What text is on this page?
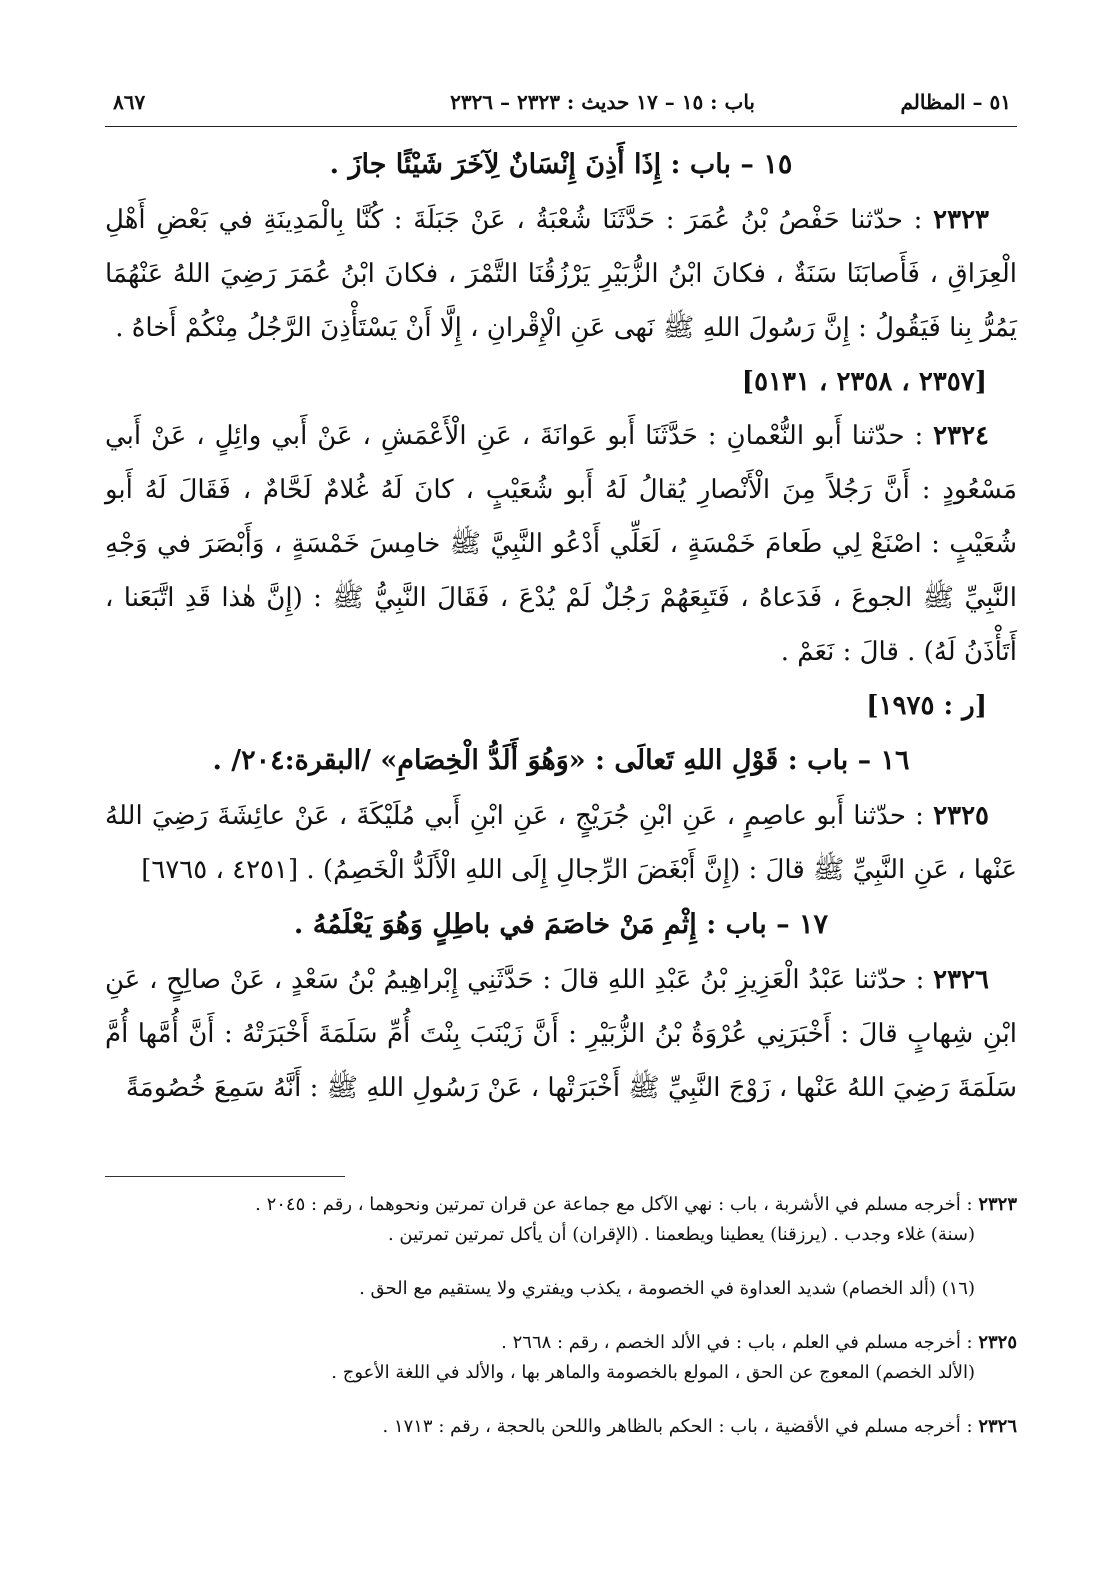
٥١ – المظالم
باب : ١٥ – ١٧ حديث : ٢٣٢٣ – ٢٣٢٦
٨٦٧
١٥ – باب : إِذَا أَذِنَ إِنْسَانٌ لِآخَرَ شَيْئًا جازَ .

٢٣٢٣ : حدّثنا حَفْصُ بْنُ عُمَرَ : حَدَّثَنَا شُعْبَةُ ، عَنْ جَبَلَةَ : كُنَّا بِالْمَدِينَةِ في بَعْضِ أَهْلِ الْعِرَاقِ ، فَأَصابَنَا سَنَةٌ ، فكانَ ابْنُ الزُّبَيْرِ يَرْزُقُنَا التَّمْرَ ، فكانَ ابْنُ عُمَرَ رَضِيَ اللهُ عَنْهُمَا يَمُرُّ بِنا فَيَقُولُ : إِنَّ رَسُولَ اللهِ ﷺ نَهى عَنِ الْإِقْرانِ ، إِلَّا أَنْ يَسْتَأْذِنَ الرَّجُلُ مِنْكُمْ أَخاهُ .

[٢٣٥٧ ، ٢٣٥٨ ، ٥١٣١]

٢٣٢٤ : حدّثنا أَبو النُّعْمانِ : حَدَّثَنَا أَبو عَوانَةَ ، عَنِ الْأَعْمَشِ ، عَنْ أَبي وائِلٍ ، عَنْ أَبي مَسْعُودٍ : أَنَّ رَجُلاً مِنَ الْأَنْصارِ يُقالُ لَهُ أَبو شُعَيْبٍ ، كانَ لَهُ غُلامٌ لَحَّامٌ ، فَقَالَ لَهُ أَبو شُعَيْبٍ : اصْنَعْ لِي طَعامَ خَمْسَةٍ ، لَعَلِّي أَدْعُو النَّبِيَّ ﷺ خامِسَ خَمْسَةٍ ، وَأَبْصَرَ في وَجْهِ النَّبِيِّ ﷺ الجوعَ ، فَدَعاهُ ، فَتَبِعَهُمْ رَجُلٌ لَمْ يُدْعَ ، فَقَالَ النَّبِيُّ ﷺ : (إِنَّ هٰذا قَدِ اتَّبَعَنا ، أَتَأْذَنُ لَهُ) . قالَ : نَعَمْ .

[ر : ١٩٧٥]
١٦ – باب : قَوْلِ اللهِ تَعالَى : «وَهُوَ أَلَدُّ الْخِصَامِ» /البقرة:٢٠٤/ .

٢٣٢٥ : حدّثنا أَبو عاصِمٍ ، عَنِ ابْنِ جُرَيْجٍ ، عَنِ ابْنِ أَبي مُلَيْكَةَ ، عَنْ عائِشَةَ رَضِيَ اللهُ عَنْها ، عَنِ النَّبِيِّ ﷺ قالَ : (إِنَّ أَبْغَضَ الرِّجالِ إِلَى اللهِ الْأَلَدُّ الْخَصِمُ) . [٤٢٥١ ، ٦٧٦٥]

١٧ – باب : إِثْمِ مَنْ خاصَمَ في باطِلٍ وَهُوَ يَعْلَمُهُ .

٢٣٢٦ : حدّثنا عَبْدُ الْعَزِيزِ بْنُ عَبْدِ اللهِ قالَ : حَدَّثَنِي إِبْراهِيمُ بْنُ سَعْدٍ ، عَنْ صالِحٍ ، عَنِ ابْنِ شِهابٍ قالَ : أَخْبَرَنِي عُرْوَةُ بْنُ الزُّبَيْرِ : أَنَّ زَيْنَبَ بِنْتَ أُمِّ سَلَمَةَ أَخْبَرَتْهُ : أَنَّ أُمَّها أُمَّ سَلَمَةَ رَضِيَ اللهُ عَنْها ، زَوْجَ النَّبِيِّ ﷺ أَخْبَرَتْها ، عَنْ رَسُولِ اللهِ ﷺ : أَنَّهُ سَمِعَ خُصُومَةً

٢٣٢٣ : أخرجه مسلم في الأشربة ، باب : نهي الآكل مع جماعة عن قران تمرتين ونحوهما ، رقم : ٢٠٤٥ .

(سنة) غلاء وجدب . (يرزقنا) يعطينا ويطعمنا . (الإقران) أن يأكل تمرتين تمرتين .

(١٦) (ألد الخصام) شديد العداوة في الخصومة ، يكذب ويفتري ولا يستقيم مع الحق .

٢٣٢٥ : أخرجه مسلم في العلم ، باب : في الألد الخصم ، رقم : ٢٦٦٨ .

(الألد الخصم) المعوج عن الحق ، المولع بالخصومة والماهر بها ، والألد في اللغة الأعوج .

٢٣٢٦ : أخرجه مسلم في الأقضية ، باب : الحكم بالظاهر واللحن بالحجة ، رقم : ١٧١٣ .
